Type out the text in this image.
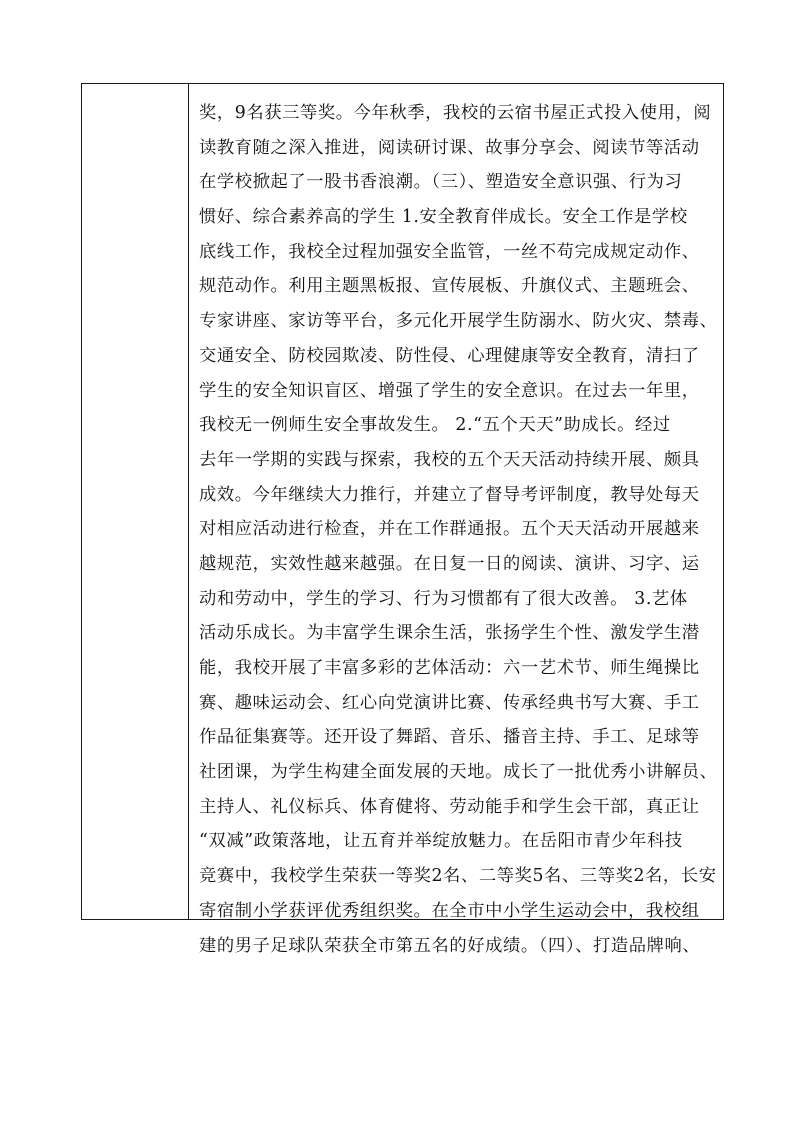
奖，9名获三等奖。今年秋季，我校的云宿书屋正式投入使用，阅
读教育随之深入推进，阅读研讨课、故事分享会、阅读节等活动
在学校掀起了一股书香浪潮。（三）、塑造安全意识强、行为习
惯好、综合素养高的学生 1.安全教育伴成长。安全工作是学校
底线工作，我校全过程加强安全监管，一丝不苟完成规定动作、
规范动作。利用主题黑板报、宣传展板、升旗仪式、主题班会、
专家讲座、家访等平台，多元化开展学生防溺水、防火灾、禁毒、
交通安全、防校园欺凌、防性侵、心理健康等安全教育，清扫了
学生的安全知识盲区、增强了学生的安全意识。在过去一年里，
我校无一例师生安全事故发生。 2.“五个天天”助成长。经过
去年一学期的实践与探索，我校的五个天天活动持续开展、颇具
成效。今年继续大力推行，并建立了督导考评制度，教导处每天
对相应活动进行检查，并在工作群通报。五个天天活动开展越来
越规范，实效性越来越强。在日复一日的阅读、演讲、习字、运
动和劳动中，学生的学习、行为习惯都有了很大改善。 3.艺体
活动乐成长。为丰富学生课余生活，张扬学生个性、激发学生潜
能，我校开展了丰富多彩的艺体活动：六一艺术节、师生绳操比
赛、趣味运动会、红心向党演讲比赛、传承经典书写大赛、手工
作品征集赛等。还开设了舞蹈、音乐、播音主持、手工、足球等
社团课，为学生构建全面发展的天地。成长了一批优秀小讲解员、
主持人、礼仪标兵、体育健将、劳动能手和学生会干部，真正让
“双减”政策落地，让五育并举绽放魅力。在岳阳市青少年科技
竞赛中，我校学生荣获一等奖2名、二等奖5名、三等奖2名，长安
寄宿制小学获评优秀组织奖。在全市中小学生运动会中，我校组
建的男子足球队荣获全市第五名的好成绩。（四）、打造品牌响、
